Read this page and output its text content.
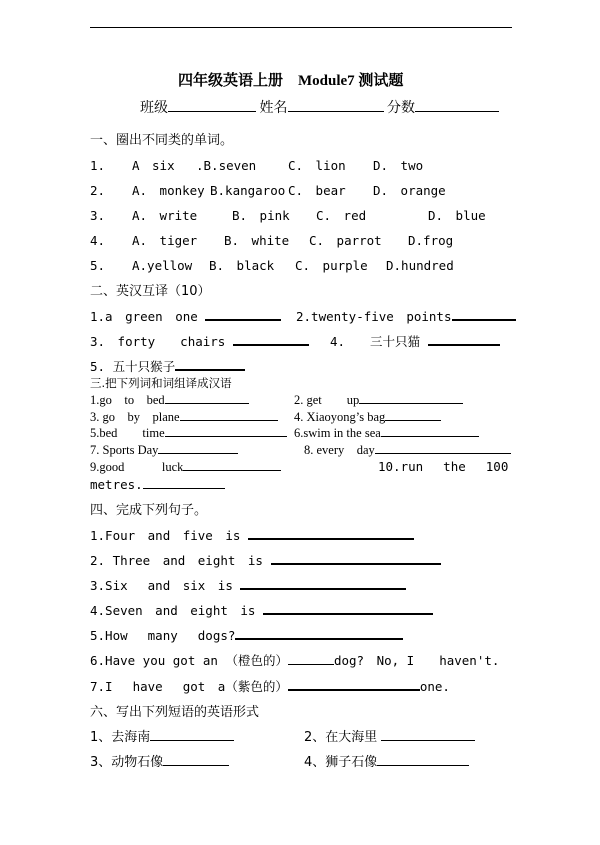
四年级英语上册　Module7 测试题
班级	姓名	分数
一、圈出不同类的单词。
1. A　six .B.seven	C.　lion D.　two
2. A.　monkey B.kangaroo C.　bear D.　orange
3. A.　write	B.　pink C.　red	D.　blue
4. A.　tiger B.　white C.　parrot D.frog
5. A.yellow B.　black C.　purple D.hundred
二、英汉互译（10）
1.a　green　one	2.twenty-five　points
3.　forty　　chairs	4.　　三十只猫
5. 五十只猴子
三.把下列词和词组译成汉语
1.go　to　bed	2. get　　up
3. go　by　plane	4. Xiaoyong’s bag
5.bed　　time	6.swim in the sea
7. Sports Day	8. every　day
9.good　　　luck	10.run　 the　 100
metres.
四、完成下列句子。
1.Four　and　five　is
2. Three　and　eight　is
3.Six　 and　six　is
4.Seven　and　eight　is
5.How　 many　 dogs?
6.Have you got an （橙色的）	dog?　No, I　　haven't.
7.I　 have　 got　a（紫色的）	one.
六、写出下列短语的英语形式
1、去海南	2、在大海里
3、动物石像	4、狮子石像
